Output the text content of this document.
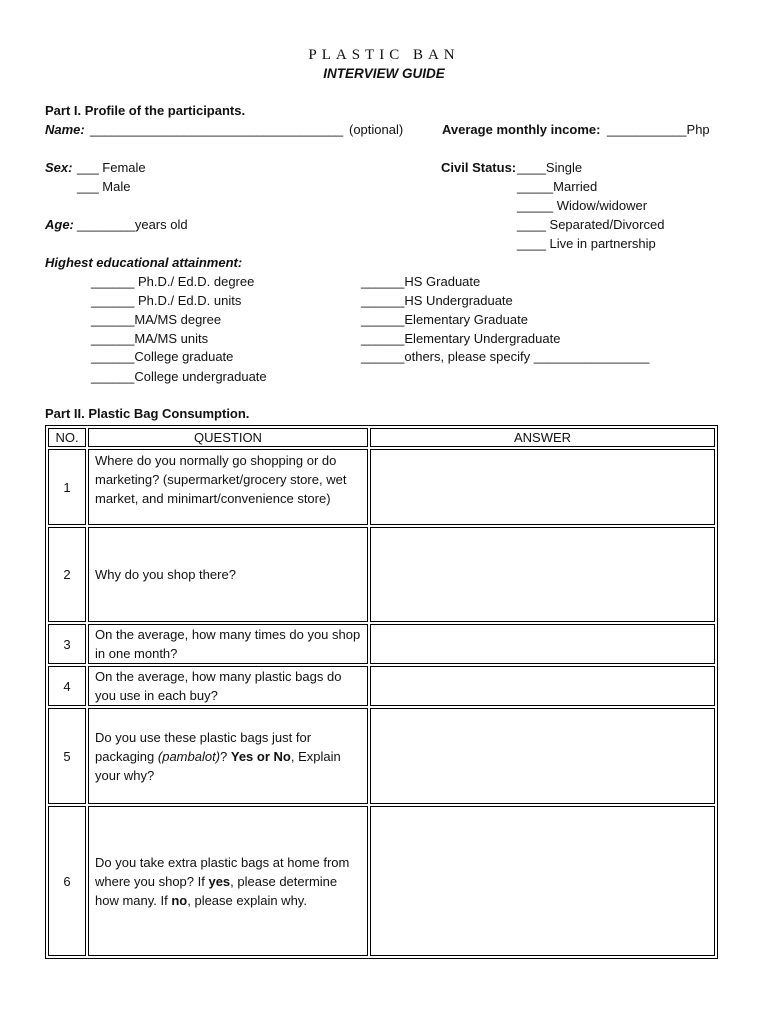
PLASTIC BAN
INTERVIEW GUIDE
Part I. Profile of the participants.
Name: ___________________________________ (optional)	Average monthly income: ___________Php
Sex: ___ Female
___ Male
Civil Status: ____Single
_____Married
_____ Widow/widower
____ Separated/Divorced
____ Live in partnership
Age: ________years old
Highest educational attainment:
______ Ph.D./ Ed.D. degree
______ Ph.D./ Ed.D. units
______MA/MS degree
______MA/MS units
______College graduate
______College undergraduate
______HS Graduate
______HS Undergraduate
______Elementary Graduate
______Elementary Undergraduate
______others, please specify ________________
Part II. Plastic Bag Consumption.
NO.	QUESTION	ANSWER
1	Where do you normally go shopping or do marketing? (supermarket/grocery store, wet market, and minimart/convenience store)	
2	Why do you shop there?	
3	On the average, how many times do you shop in one month?	
4	On the average, how many plastic bags do you use in each buy?	
5	Do you use these plastic bags just for packaging (pambalot)? Yes or No, Explain your why?	
6	Do you take extra plastic bags at home from where you shop? If yes, please determine how many. If no, please explain why.	
